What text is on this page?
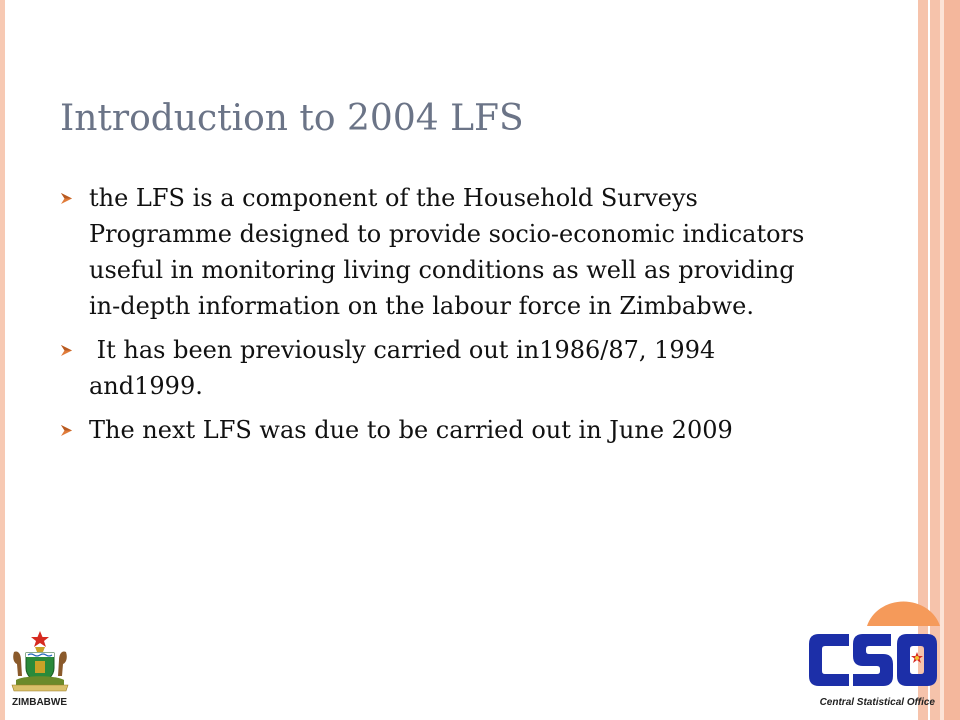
Introduction to 2004 LFS
the LFS is a component of the Household Surveys Programme designed to provide socio-economic indicators useful in monitoring living conditions as well as providing in-depth information on the labour force in Zimbabwe.
It has been previously carried out in1986/87, 1994 and1999.
The next LFS was due to be carried out in June 2009

ZIMBABWE	Central Statistical Office
